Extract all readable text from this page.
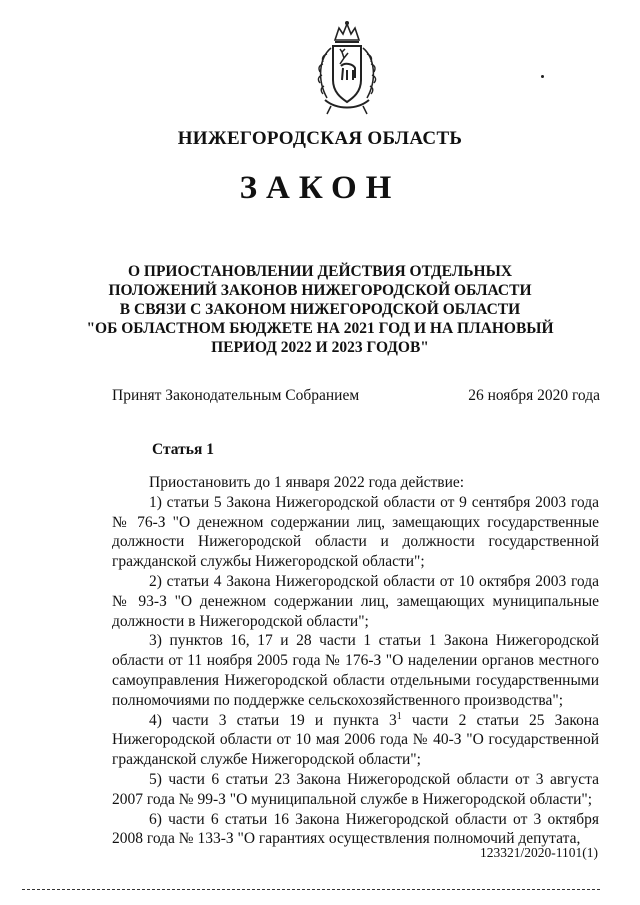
НИЖЕГОРОДСКАЯ ОБЛАСТЬ
ЗАКОН
О ПРИОСТАНОВЛЕНИИ ДЕЙСТВИЯ ОТДЕЛЬНЫХ
ПОЛОЖЕНИЙ ЗАКОНОВ НИЖЕГОРОДСКОЙ ОБЛАСТИ
В СВЯЗИ С ЗАКОНОМ НИЖЕГОРОДСКОЙ ОБЛАСТИ
"ОБ ОБЛАСТНОМ БЮДЖЕТЕ НА 2021 ГОД И НА ПЛАНОВЫЙ
ПЕРИОД 2022 И 2023 ГОДОВ"
Принят Законодательным Собранием	26 ноября 2020 года
Статья 1

Приостановить до 1 января 2022 года действие:

1) статьи 5 Закона Нижегородской области от 9 сентября 2003 года № 76-З "О денежном содержании лиц, замещающих государственные должности Нижегородской области и должности государственной гражданской службы Нижегородской области";

2) статьи 4 Закона Нижегородской области от 10 октября 2003 года № 93-З "О денежном содержании лиц, замещающих муниципальные должности в Нижегородской области";

3) пунктов 16, 17 и 28 части 1 статьи 1 Закона Нижегородской области от 11 ноября 2005 года № 176-З "О наделении органов местного самоуправления Нижегородской области отдельными государственными полномочиями по поддержке сельскохозяйственного производства";

4) части 3 статьи 19 и пункта $3^1$ части 2 статьи 25 Закона Нижегородской области от 10 мая 2006 года № 40-З "О государственной гражданской службе Нижегородской области";

5) части 6 статьи 23 Закона Нижегородской области от 3 августа 2007 года № 99-З "О муниципальной службе в Нижегородской области";

6) части 6 статьи 16 Закона Нижегородской области от 3 октября 2008 года № 133-З "О гарантиях осуществления полномочий депутата,

123321/2020-1101(1)
